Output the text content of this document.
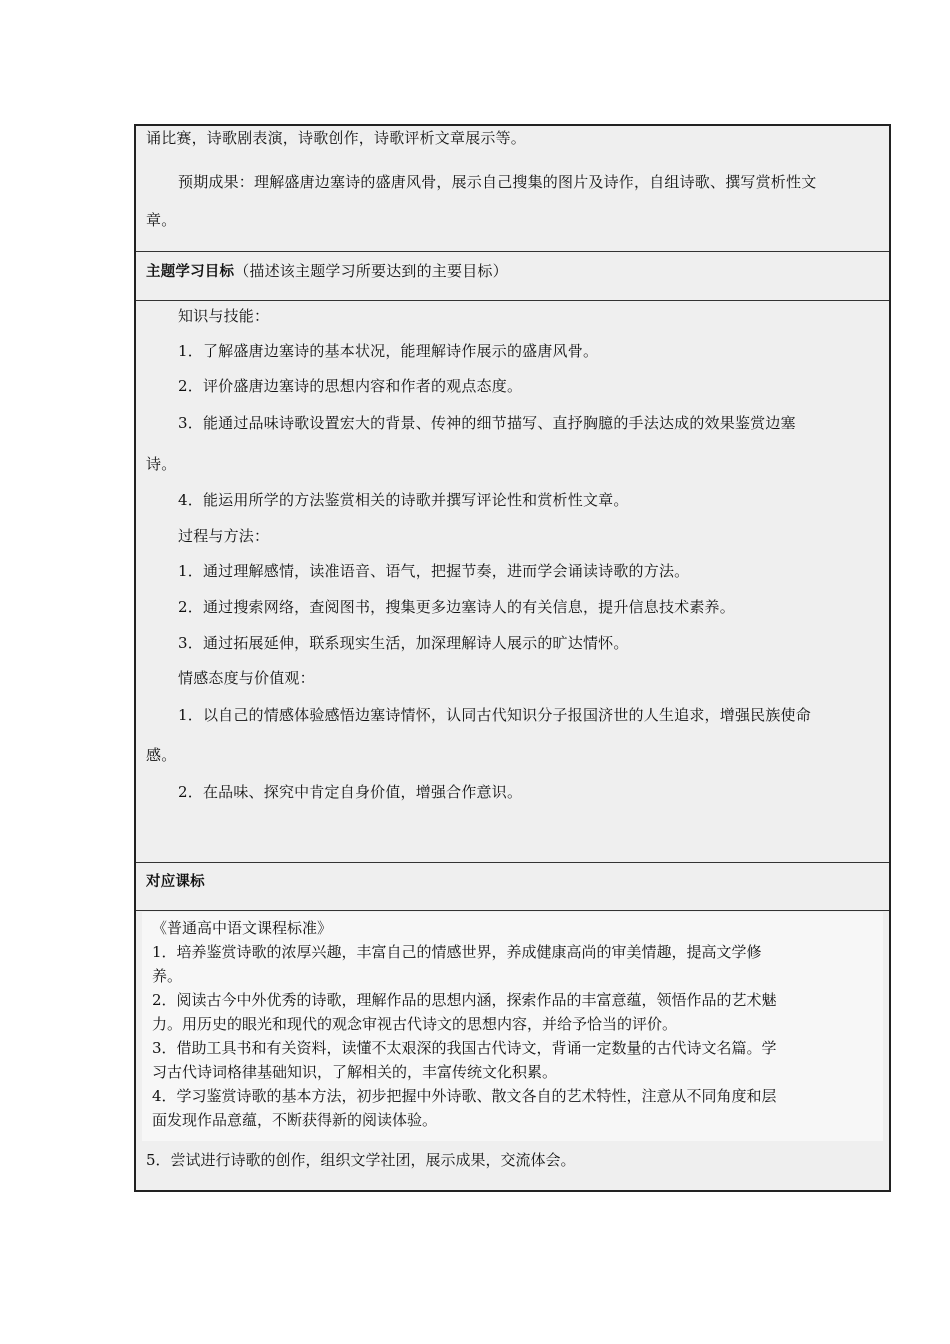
诵比赛，诗歌剧表演，诗歌创作，诗歌评析文章展示等。
预期成果：理解盛唐边塞诗的盛唐风骨，展示自己搜集的图片及诗作，自组诗歌、撰写赏析性文
章。
主题学习目标（描述该主题学习所要达到的主要目标）
知识与技能：
1．了解盛唐边塞诗的基本状况，能理解诗作展示的盛唐风骨。
2．评价盛唐边塞诗的思想内容和作者的观点态度。
3．能通过品味诗歌设置宏大的背景、传神的细节描写、直抒胸臆的手法达成的效果鉴赏边塞
诗。
4．能运用所学的方法鉴赏相关的诗歌并撰写评论性和赏析性文章。
过程与方法：
1．通过理解感情，读准语音、语气，把握节奏，进而学会诵读诗歌的方法。
2．通过搜索网络，查阅图书，搜集更多边塞诗人的有关信息，提升信息技术素养。
3．通过拓展延伸，联系现实生活，加深理解诗人展示的旷达情怀。
情感态度与价值观：
1．以自己的情感体验感悟边塞诗情怀，认同古代知识分子报国济世的人生追求，增强民族使命
感。
2．在品味、探究中肯定自身价值，增强合作意识。
对应课标
《普通高中语文课程标准》
1．培养鉴赏诗歌的浓厚兴趣，丰富自己的情感世界，养成健康高尚的审美情趣，提高文学修
养。
2．阅读古今中外优秀的诗歌，理解作品的思想内涵，探索作品的丰富意蕴，领悟作品的艺术魅
力。用历史的眼光和现代的观念审视古代诗文的思想内容，并给予恰当的评价。
3．借助工具书和有关资料，读懂不太艰深的我国古代诗文，背诵一定数量的古代诗文名篇。学
习古代诗词格律基础知识，了解相关的，丰富传统文化积累。
4．学习鉴赏诗歌的基本方法，初步把握中外诗歌、散文各自的艺术特性，注意从不同角度和层
面发现作品意蕴，不断获得新的阅读体验。
5．尝试进行诗歌的创作，组织文学社团，展示成果，交流体会。
